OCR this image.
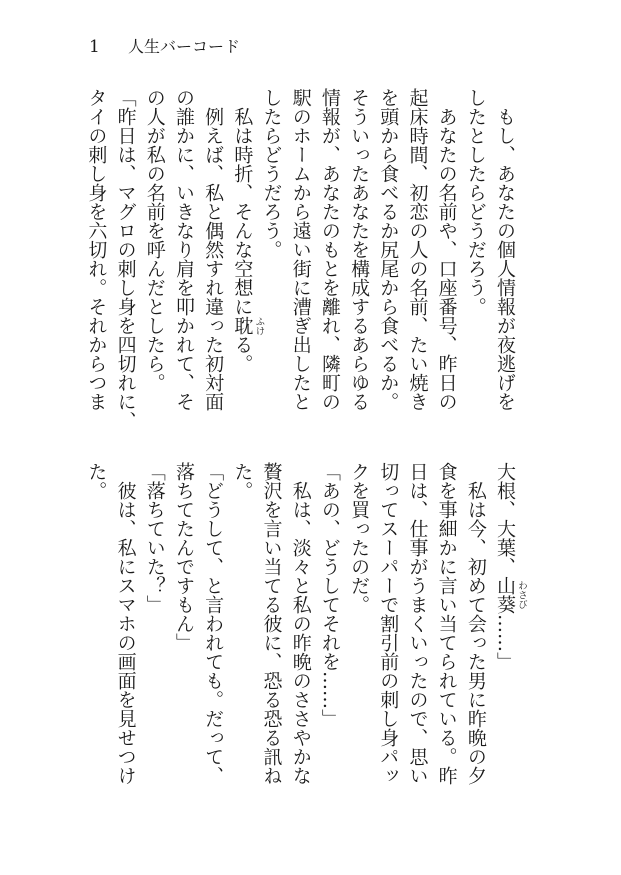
1 人生バーコード
もし、あなたの個人情報が夜逃げを
したとしたらどうだろう。
あなたの名前や、口座番号、昨日の
起床時間、初恋の人の名前、たい焼き
を頭から食べるか尻尾から食べるか。
そういったあなたを構成するあらゆる
情報が、あなたのもとを離れ、隣町の
駅のホームから遠い街に漕ぎ出したと
したらどうだろう。
私は時折、そんな空想に耽 ふけ
る。
例えば、私と偶然すれ違った初対面
の誰かに、いきなり肩を叩かれて、そ
の人が私の名前を呼んだとしたら。
「昨日は、マグロの刺し身を四切れに、
タイの刺し身を六切れ。それからつま
大根、大葉、山葵 わさび
……」
私は今、初めて会った男に昨晩の夕
食を事細かに言い当てられている。昨
日は、仕事がうまくいったので、思い
切ってスーパーで割引前の刺し身パッ
クを買ったのだ。
「あの、どうしてそれを……」
私は、淡々と私の昨晩のささやかな
贅沢を言い当てる彼に、恐る恐る訊ね
た。
「どうして、と言われても。だって、
落ちてたんですもん」
「落ちていた？」
彼は、私にスマホの画面を見せつけ
た。
